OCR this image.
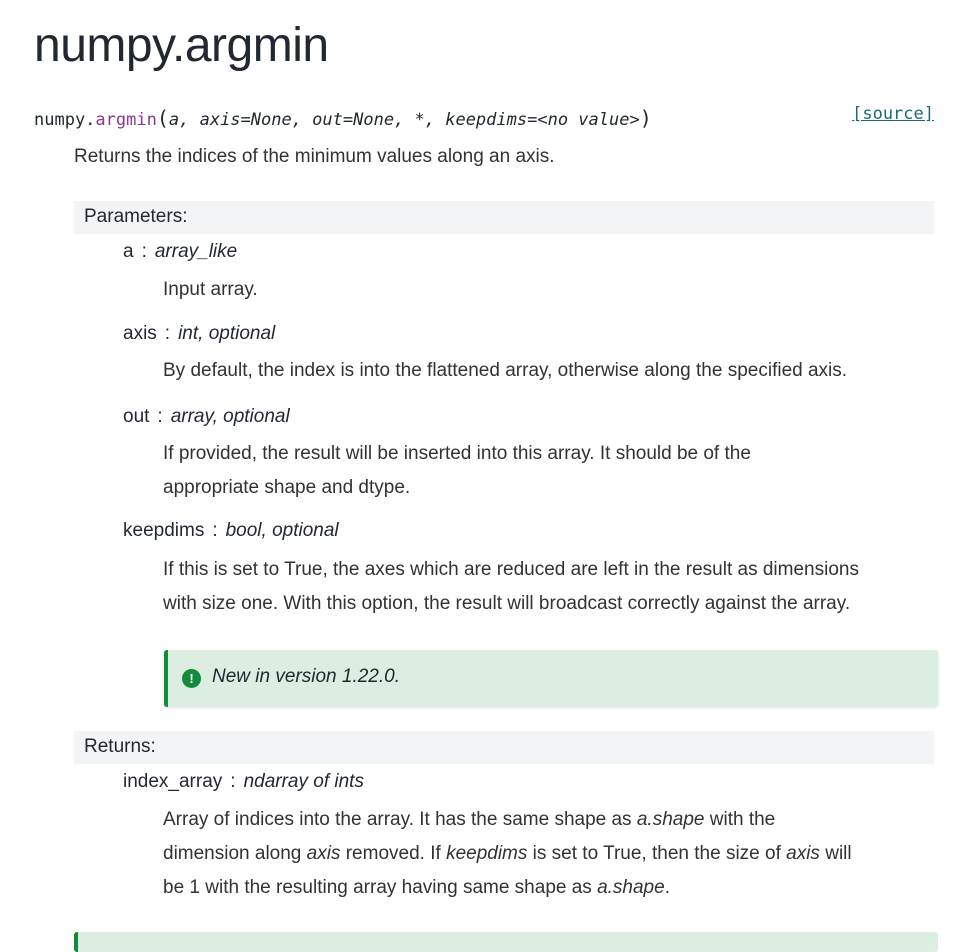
numpy.argmin
numpy.argmin(a, axis=None, out=None, *, keepdims=<no value>)	[source]

Returns the indices of the minimum values along an axis.

Parameters:
a : array_like

Input array.

axis : int, optional

By default, the index is into the flattened array, otherwise along the specified axis.

out : array, optional
If provided, the result will be inserted into this array. It should be of the
appropriate shape and dtype.
keepdims : bool, optional
If this is set to True, the axes which are reduced are left in the result as dimensions
with size one. With this option, the result will broadcast correctly against the array.
! New in version 1.22.0.
Returns:
index_array : ndarray of ints
Array of indices into the array. It has the same shape as a.shape with the
dimension along axis removed. If keepdims is set to True, then the size of axis will
be 1 with the resulting array having same shape as a.shape.
